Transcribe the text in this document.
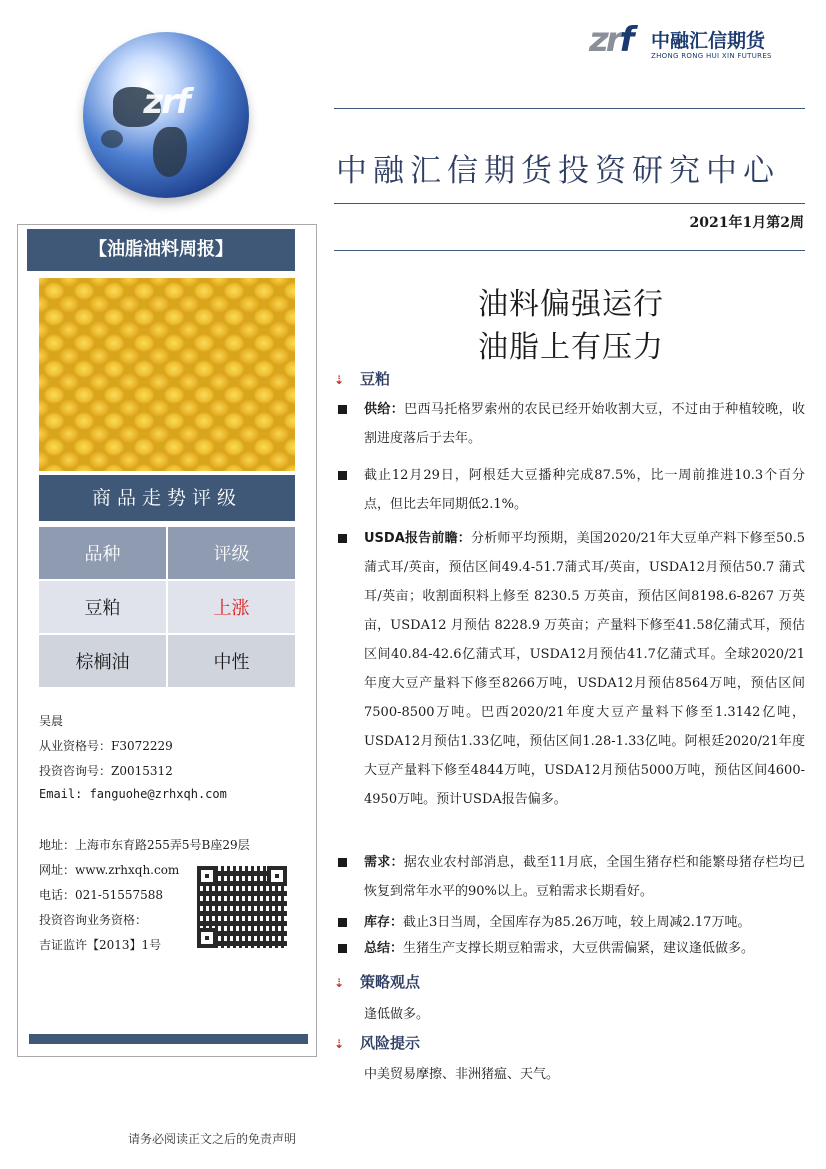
zrf
zrf 中融汇信期货
ZHONG RONG HUI XIN FUTURES
中融汇信期货投资研究中心
2021年1月第2周
【油脂油料周报】
商品走势评级
品种	评级
豆粕	上涨
棕榈油	中性
吴晨
从业资格号：F3072229
投资咨询号：Z0015312
Email: fanguohe@zrhxqh.com
地址：上海市东育路255弄5号B座29层
网址：www.zrhxqh.com
电话：021-51557588
投资咨询业务资格：
吉证监许【2013】1号
油料偏强运行
油脂上有压力
⇣ 豆粕
供给：巴西马托格罗索州的农民已经开始收割大豆，不过由于种植较晚，收割进度落后于去年。
截止12月29日，阿根廷大豆播种完成87.5%，比一周前推进10.3个百分点，但比去年同期低2.1%。
USDA报告前瞻：分析师平均预期，美国2020/21年大豆单产料下修至50.5蒲式耳/英亩，预估区间49.4-51.7蒲式耳/英亩，USDA12月预估50.7 蒲式耳/英亩；收割面积料上修至 8230.5 万英亩，预估区间8198.6-8267 万英亩，USDA12 月预估 8228.9 万英亩；产量料下修至41.58亿蒲式耳，预估区间40.84-42.6亿蒲式耳，USDA12月预估41.7亿蒲式耳。全球2020/21年度大豆产量料下修至8266万吨，USDA12月预估8564万吨，预估区间7500-8500万吨。巴西2020/21年度大豆产量料下修至1.3142亿吨，USDA12月预估1.33亿吨，预估区间1.28-1.33亿吨。阿根廷2020/21年度大豆产量料下修至4844万吨，USDA12月预估5000万吨，预估区间4600-4950万吨。预计USDA报告偏多。
需求：据农业农村部消息，截至11月底，全国生猪存栏和能繁母猪存栏均已恢复到常年水平的90%以上。豆粕需求长期看好。
库存：截止3日当周，全国库存为85.26万吨，较上周减2.17万吨。
总结：生猪生产支撑长期豆粕需求，大豆供需偏紧，建议逢低做多。
⇣ 策略观点
逢低做多。
⇣ 风险提示
中美贸易摩擦、非洲猪瘟、天气。
请务必阅读正文之后的免责声明
